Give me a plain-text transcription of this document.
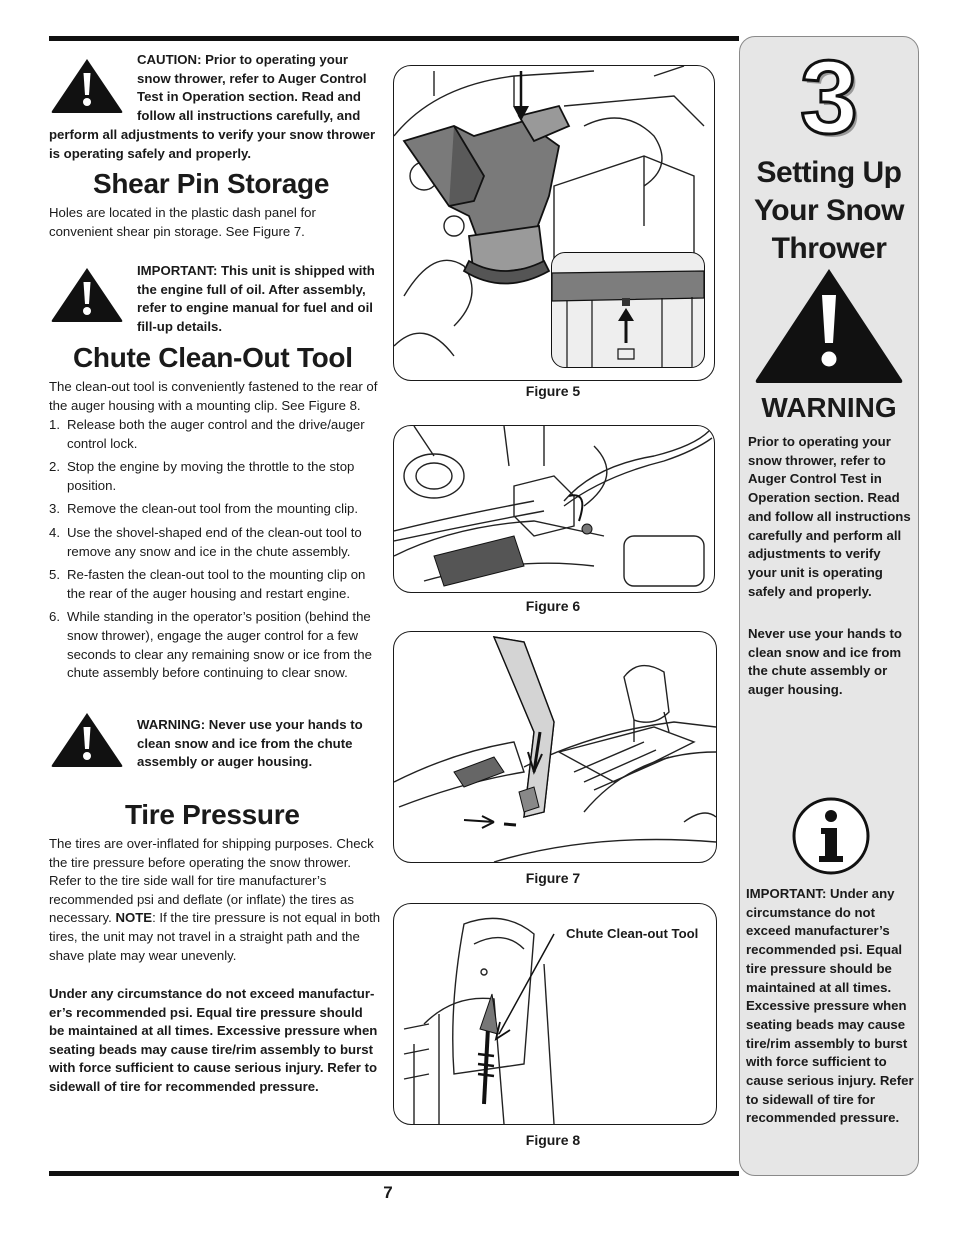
CAUTION: Prior to operating your
snow thrower, refer to Auger Control
Test in Operation section. Read and
follow all instructions carefully, and
perform all adjustments to verify your snow thrower
is operating safely and properly.
Shear Pin Storage
Holes are located in the plastic dash panel for convenient shear pin storage. See Figure 7.
IMPORTANT: This unit is shipped with
the engine full of oil. After assembly,
refer to engine manual for fuel and oil
fill-up details.
Chute Clean-Out Tool
The clean-out tool is conveniently fastened to the rear of the auger housing with a mounting clip. See Figure 8.
1. Release both the auger control and the drive/auger control lock.
2. Stop the engine by moving the throttle to the stop position.
3. Remove the clean-out tool from the mounting clip.
4. Use the shovel-shaped end of the clean-out tool to remove any snow and ice in the chute assembly.
5. Re-fasten the clean-out tool to the mounting clip on the rear of the auger housing and restart engine.
6. While standing in the operator’s position (behind the snow thrower), engage the auger control for a few seconds to clear any remaining snow or ice from the chute assembly before continuing to clear snow.
WARNING: Never use your hands to
clean snow and ice from the chute
assembly or auger housing.
Tire Pressure
The tires are over-inflated for shipping purposes. Check the tire pressure before operating the snow thrower. Refer to the tire side wall for tire manufacturer’s recommended psi and deflate (or inflate) the tires as necessary. NOTE: If the tire pressure is not equal in both tires, the unit may not travel in a straight path and the shave plate may wear unevenly.
Under any circumstance do not exceed manufacturer’s recommended psi. Equal tire pressure should be maintained at all times. Excessive pressure when seating beads may cause tire/rim assembly to burst with force sufficient to cause serious injury. Refer to sidewall of tire for recommended pressure.
Figure 5
Figure 6
Figure 7
Chute Clean-out Tool
Figure 8
7
3
Setting Up
Your Snow
Thrower
WARNING
Prior to operating your snow thrower, refer to Auger Control Test in Operation section. Read and follow all instructions carefully and perform all adjustments to verify your unit is operating safely and properly.
Never use your hands to clean snow and ice from the chute assembly or auger housing.
IMPORTANT: Under any circumstance do not exceed manufacturer’s recommended psi. Equal tire pressure should be maintained at all times. Excessive pressure when seating beads may cause tire/rim assembly to burst with force sufficient to cause serious injury. Refer to sidewall of tire for recommended pressure.
